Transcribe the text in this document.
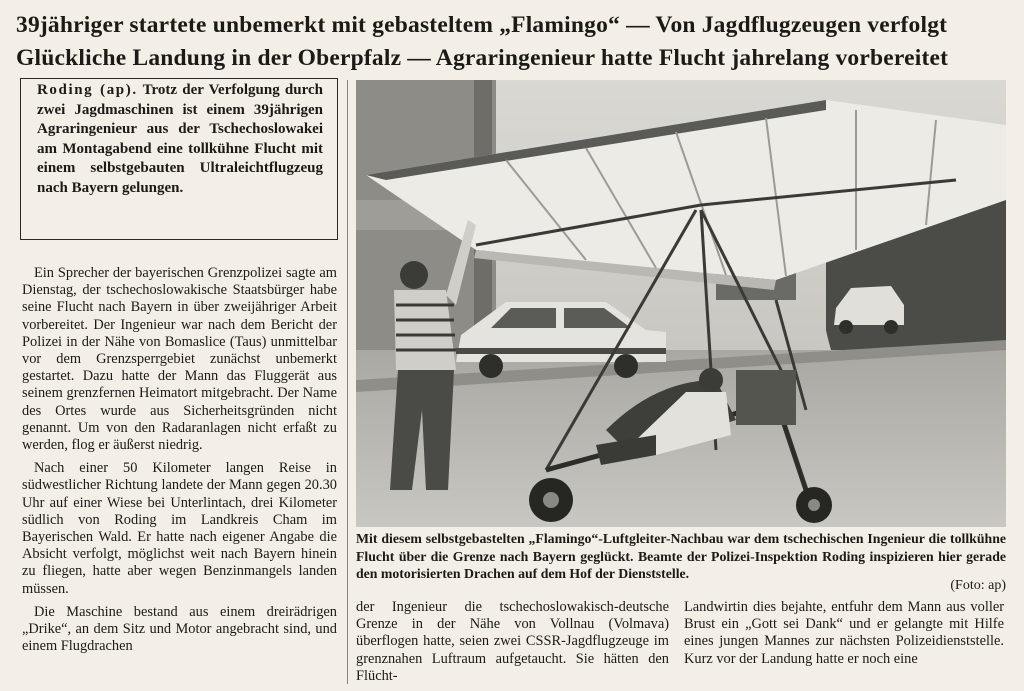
39jähriger startete unbemerkt mit gebasteltem „Flamingo“ — Von Jagdflugzeugen verfolgt
Glückliche Landung in der Oberpfalz — Agraringenieur hatte Flucht jahrelang vorbereitet

Roding (ap). Trotz der Verfolgung durch zwei Jagdmaschinen ist einem 39jährigen Agraringenieur aus der Tschechoslowakei am Montagabend eine tollkühne Flucht mit einem selbstgebauten Ultraleichtflugzeug nach Bayern gelungen.

Ein Sprecher der bayerischen Grenzpolizei sagte am Dienstag, der tschechoslowakische Staatsbürger habe seine Flucht nach Bayern in über zweijähriger Arbeit vorbereitet. Der Ingenieur war nach dem Bericht der Polizei in der Nähe von Bomaslice (Taus) unmittelbar vor dem Grenzsperrgebiet zunächst unbemerkt gestartet. Dazu hatte der Mann das Fluggerät aus seinem grenzfernen Heimatort mitgebracht. Der Name des Ortes wurde aus Sicherheitsgründen nicht genannt. Um von den Radaranlagen nicht erfaßt zu werden, flog er äußerst niedrig.

Nach einer 50 Kilometer langen Reise in südwestlicher Richtung landete der Mann gegen 20.30 Uhr auf einer Wiese bei Unterlintach, drei Kilometer südlich von Roding im Landkreis Cham im Bayerischen Wald. Er hatte nach eigener Angabe die Absicht verfolgt, möglichst weit nach Bayern hinein zu fliegen, hatte aber wegen Benzinmangels landen müssen.

Die Maschine bestand aus einem dreirädrigen „Drike“, an dem Sitz und Motor angebracht sind, und einem Flugdrachen

Mit diesem selbstgebastelten „Flamingo“-Luftgleiter-Nachbau war dem tschechischen Ingenieur die tollkühne Flucht über die Grenze nach Bayern geglückt. Beamte der Polizei-Inspektion Roding inspizieren hier gerade den motorisierten Drachen auf dem Hof der Dienststelle.
(Foto: ap)

der Ingenieur die tschechoslowakisch-deutsche Grenze in der Nähe von Vollnau (Volmava) überflogen hatte, seien zwei CSSR-Jagdflugzeuge im grenznahen Luftraum aufgetaucht. Sie hätten den Flücht-

Landwirtin dies bejahte, entfuhr dem Mann aus voller Brust ein „Gott sei Dank“ und er gelangte mit Hilfe eines jungen Mannes zur nächsten Polizeidienststelle. Kurz vor der Landung hatte er noch eine
